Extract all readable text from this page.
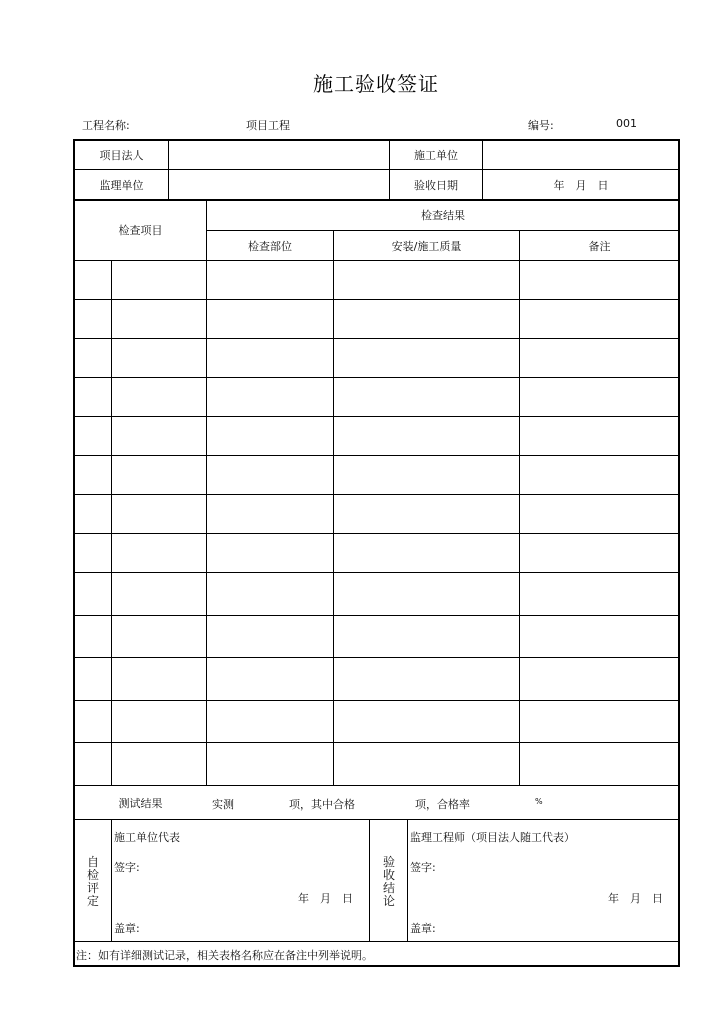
施工验收签证
工程名称:	项目工程	编号:	001
项目法人	施工单位
监理单位	验收日期	年　月　日
检查项目
检查结果
检查部位	安装/施工质量	备注
测试结果	实测	项，其中合格	项，合格率	%
自
检
评
定
施工单位代表
签字:
年　月　日
盖章:
验
收
结
论
监理工程师（项目法人随工代表）
签字:
年　月　日
盖章:
注：如有详细测试记录，相关表格名称应在备注中列举说明。
